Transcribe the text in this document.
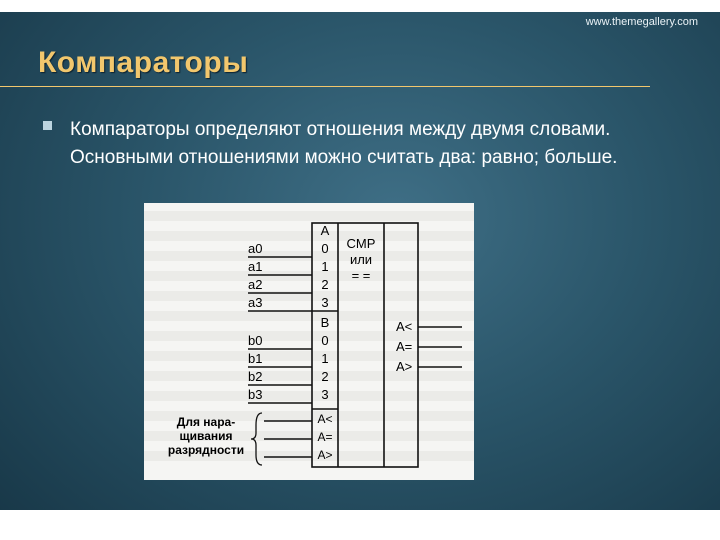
www.themegallery.com
Компараторы
Компараторы определяют отношения между двумя словами. Основными отношениями можно считать два: равно; больше.
A
0
1
2
3
B
0
1
2
3
A<
A=
A>
CMP
или
= =
a0
a1
a2
a3
b0
b1
b2
b3
Для нара-
щивания
разрядности
A<
A=
A>
